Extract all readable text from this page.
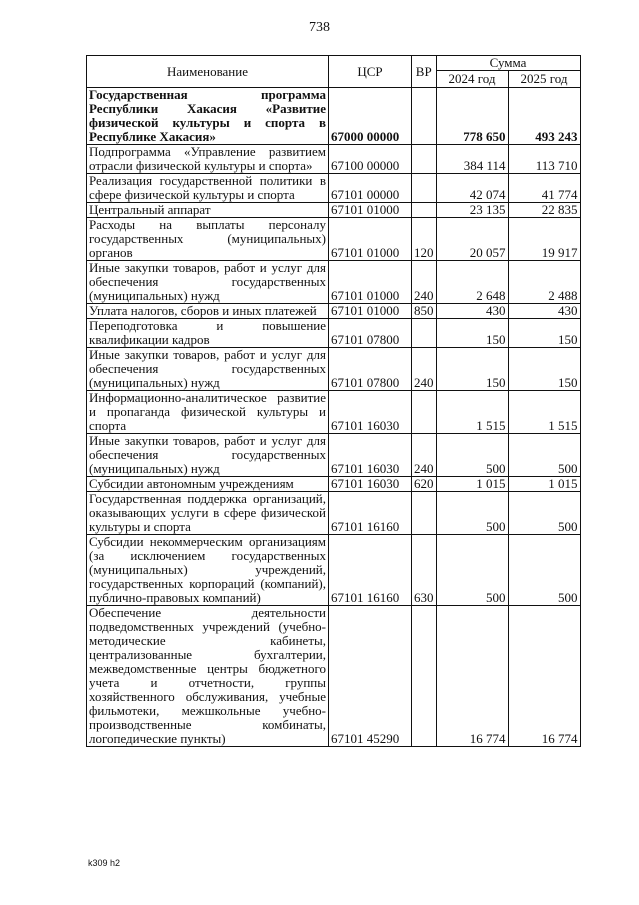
738
Наименование	ЦСР	ВР	Сумма	
			2024 год	2025 год
Государственная программа Республики Хакасия «Развитие физической культуры и спорта в Республике Хакасия»	67000 00000		778 650	493 243
Подпрограмма «Управление развитием отрасли физической культуры и спорта»	67100 00000		384 114	113 710
Реализация государственной политики в сфере физической культуры и спорта	67101 00000		42 074	41 774
Центральный аппарат	67101 01000		23 135	22 835
Расходы на выплаты персоналу государственных (муниципальных) органов	67101 01000	120	20 057	19 917
Иные закупки товаров, работ и услуг для обеспечения государственных (муниципальных) нужд	67101 01000	240	2 648	2 488
Уплата налогов, сборов и иных платежей	67101 01000	850	430	430
Переподготовка и повышение квалификации кадров	67101 07800		150	150
Иные закупки товаров, работ и услуг для обеспечения государственных (муниципальных) нужд	67101 07800	240	150	150
Информационно-аналитическое развитие и пропаганда физической культуры и спорта	67101 16030		1 515	1 515
Иные закупки товаров, работ и услуг для обеспечения государственных (муниципальных) нужд	67101 16030	240	500	500
Субсидии автономным учреждениям	67101 16030	620	1 015	1 015
Государственная поддержка организаций, оказывающих услуги в сфере физической культуры и спорта	67101 16160		500	500
Субсидии некоммерческим организациям (за исключением государственных (муниципальных) учреждений, государственных корпораций (компаний), публично-правовых компаний)	67101 16160	630	500	500
Обеспечение деятельности подведомственных учреждений (учебно-методические кабинеты, централизованные бухгалтерии, межведомственные центры бюджетного учета и отчетности, группы хозяйственного обслуживания, учебные фильмотеки, межшкольные учебно-производственные комбинаты, логопедические пункты)	67101 45290		16 774	16 774
k309 h2
